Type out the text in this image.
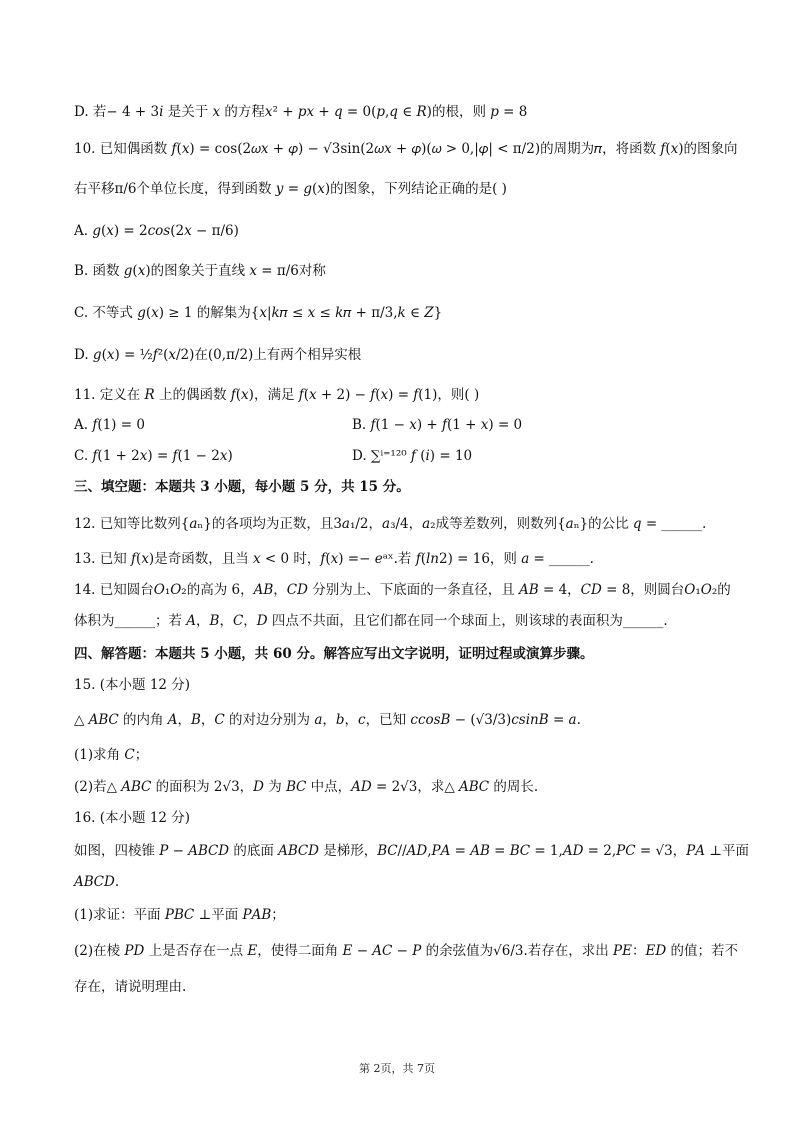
D. 若− 4 + 3𝑖 是关于 𝑥 的方程𝑥² + 𝑝𝑥 + 𝑞 = 0(𝑝,𝑞 ∈ 𝑅)的根，则 𝑝 = 8
10. 已知偶函数 𝑓(𝑥) = cos(2𝜔𝑥 + 𝜑) − √3sin(2𝜔𝑥 + 𝜑)(𝜔 > 0,|𝜑| < π/2)的周期为𝜋，将函数 𝑓(𝑥)的图象向
右平移π/6个单位长度，得到函数 𝑦 = 𝑔(𝑥)的图象，下列结论正确的是( )
A. 𝑔(𝑥) = 2𝑐𝑜𝑠(2𝑥 − π/6)
B. 函数 𝑔(𝑥)的图象关于直线 𝑥 = π/6对称
C. 不等式 𝑔(𝑥) ≥ 1 的解集为{𝑥|𝑘𝜋 ≤ 𝑥 ≤ 𝑘𝜋 + π/3,𝑘 ∈ 𝑍}
D. 𝑔(𝑥) = ½𝑓²(𝑥/2)在(0,π/2)上有两个相异实根
11. 定义在 𝑅 上的偶函数 𝑓(𝑥)，满足 𝑓(𝑥 + 2) − 𝑓(𝑥) = 𝑓(1)，则( )
A. 𝑓(1) = 0	B. 𝑓(1 − 𝑥) + 𝑓(1 + 𝑥) = 0
C. 𝑓(1 + 2𝑥) = 𝑓(1 − 2𝑥)	D. ∑ⁱ⁼¹²⁰ 𝑓 (𝑖) = 10
三、填空题：本题共 3 小题，每小题 5 分，共 15 分。
12. 已知等比数列{𝑎ₙ}的各项均为正数，且3𝑎₁/2，𝑎₃/4，𝑎₂成等差数列，则数列{𝑎ₙ}的公比 𝑞 = ______.
13. 已知 𝑓(𝑥)是奇函数，且当 𝑥 < 0 时，𝑓(𝑥) =− 𝑒ᵃˣ.若 𝑓(𝑙𝑛2) = 16，则 𝑎 = ______.
14. 已知圆台𝑂₁𝑂₂的高为 6，𝐴𝐵，𝐶𝐷 分别为上、下底面的一条直径，且 𝐴𝐵 = 4，𝐶𝐷 = 8，则圆台𝑂₁𝑂₂的
体积为______；若 𝐴，𝐵，𝐶，𝐷 四点不共面，且它们都在同一个球面上，则该球的表面积为______.
四、解答题：本题共 5 小题，共 60 分。解答应写出文字说明，证明过程或演算步骤。
15. (本小题 12 分)
△ 𝐴𝐵𝐶 的内角 𝐴，𝐵，𝐶 的对边分别为 𝑎，𝑏，𝑐，已知 𝑐𝑐𝑜𝑠𝐵 − (√3/3)𝑐𝑠𝑖𝑛𝐵 = 𝑎.
(1)求角 𝐶；
(2)若△ 𝐴𝐵𝐶 的面积为 2√3，𝐷 为 𝐵𝐶 中点，𝐴𝐷 = 2√3，求△ 𝐴𝐵𝐶 的周长.
16. (本小题 12 分)
如图，四棱锥 𝑃 − 𝐴𝐵𝐶𝐷 的底面 𝐴𝐵𝐶𝐷 是梯形，𝐵𝐶//𝐴𝐷,𝑃𝐴 = 𝐴𝐵 = 𝐵𝐶 = 1,𝐴𝐷 = 2,𝑃𝐶 = √3，𝑃𝐴 ⊥平面
𝐴𝐵𝐶𝐷.
(1)求证：平面 𝑃𝐵𝐶 ⊥平面 𝑃𝐴𝐵；
(2)在棱 𝑃𝐷 上是否存在一点 𝐸，使得二面角 𝐸 − 𝐴𝐶 − 𝑃 的余弦值为√6/3.若存在，求出 𝑃𝐸：𝐸𝐷 的值；若不
存在，请说明理由.
第 2页，共 7页
